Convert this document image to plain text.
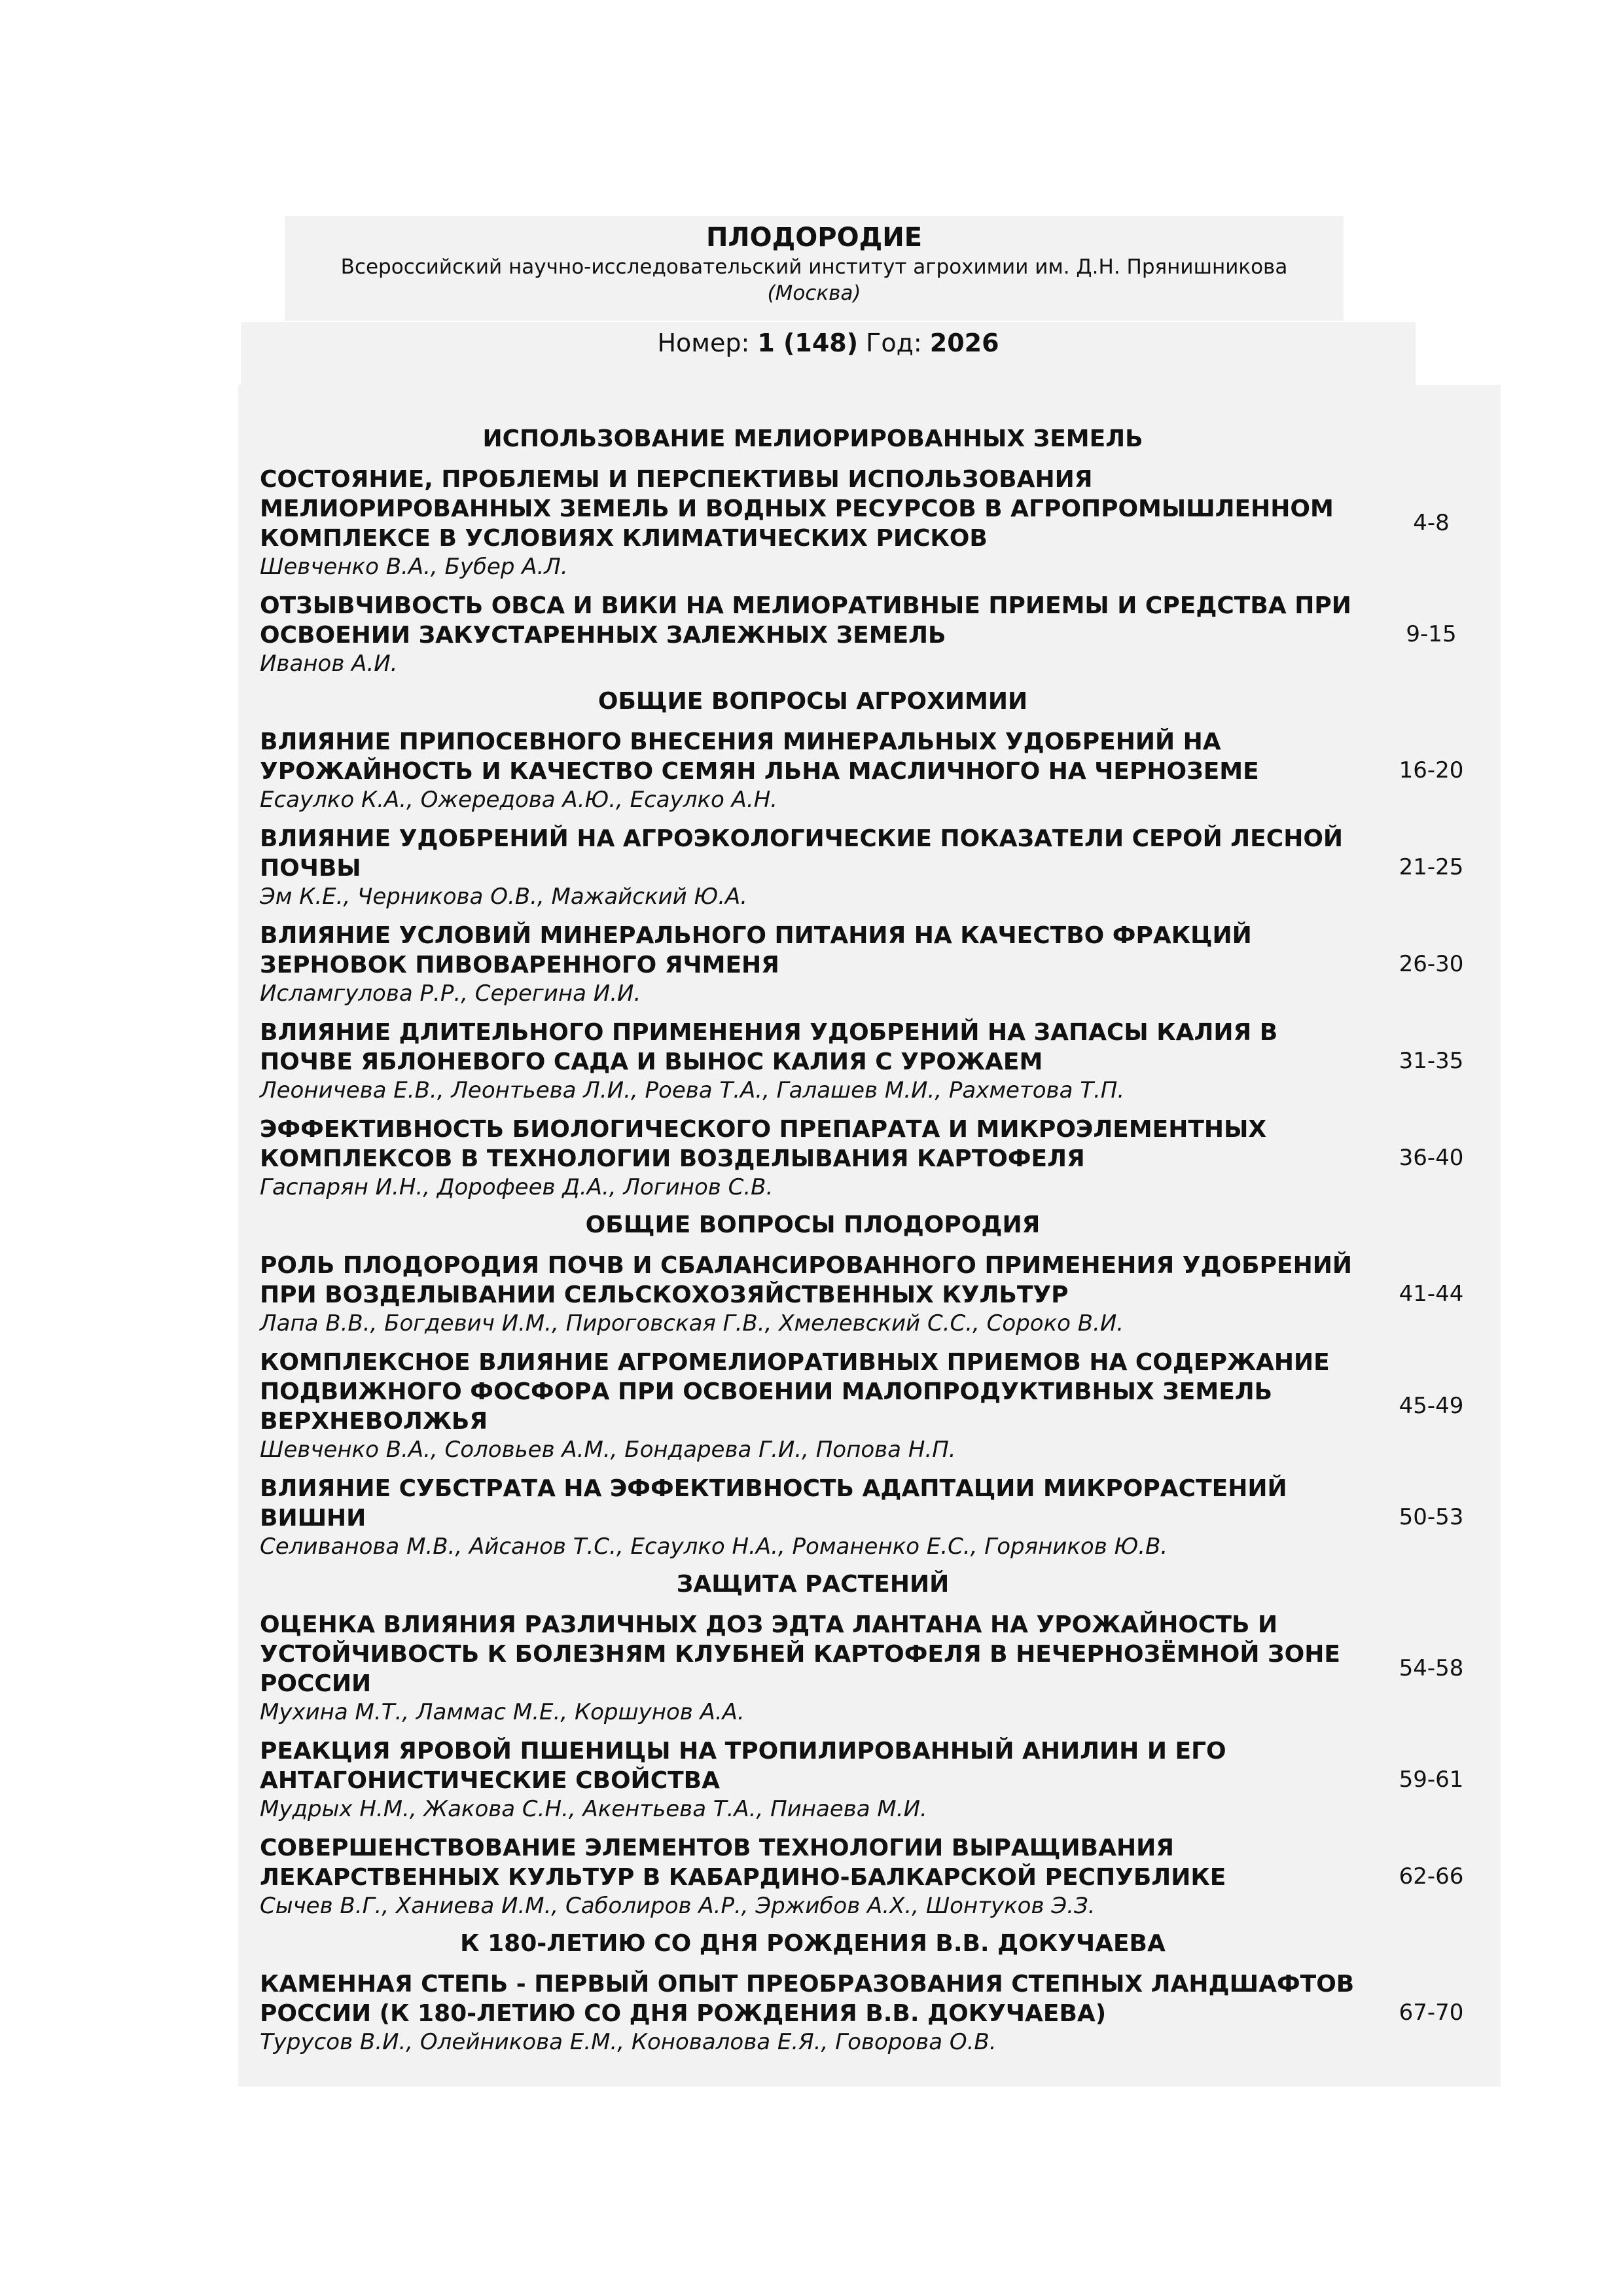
ПЛОДОРОДИЕ
Всероссийский научно-исследовательский институт агрохимии им. Д.Н. Прянишникова
(Москва)
Номер: 1 (148) Год: 2026
ИСПОЛЬЗОВАНИЕ МЕЛИОРИРОВАННЫХ ЗЕМЕЛЬ
СОСТОЯНИЕ, ПРОБЛЕМЫ И ПЕРСПЕКТИВЫ ИСПОЛЬЗОВАНИЯ МЕЛИОРИРОВАННЫХ ЗЕМЕЛЬ И ВОДНЫХ РЕСУРСОВ В АГРОПРОМЫШЛЕННОМ КОМПЛЕКСЕ В УСЛОВИЯХ КЛИМАТИЧЕСКИХ РИСКОВ
Шевченко В.А., Бубер А.Л.
4-8
ОТЗЫВЧИВОСТЬ ОВСА И ВИКИ НА МЕЛИОРАТИВНЫЕ ПРИЕМЫ И СРЕДСТВА ПРИ ОСВОЕНИИ ЗАКУСТАРЕННЫХ ЗАЛЕЖНЫХ ЗЕМЕЛЬ
Иванов А.И.
9-15
ОБЩИЕ ВОПРОСЫ АГРОХИМИИ
ВЛИЯНИЕ ПРИПОСЕВНОГО ВНЕСЕНИЯ МИНЕРАЛЬНЫХ УДОБРЕНИЙ НА УРОЖАЙНОСТЬ И КАЧЕСТВО СЕМЯН ЛЬНА МАСЛИЧНОГО НА ЧЕРНОЗЕМЕ
Есаулко К.А., Ожередова А.Ю., Есаулко А.Н.
16-20
ВЛИЯНИЕ УДОБРЕНИЙ НА АГРОЭКОЛОГИЧЕСКИЕ ПОКАЗАТЕЛИ СЕРОЙ ЛЕСНОЙ ПОЧВЫ
Эм К.Е., Черникова О.В., Мажайский Ю.А.
21-25
ВЛИЯНИЕ УСЛОВИЙ МИНЕРАЛЬНОГО ПИТАНИЯ НА КАЧЕСТВО ФРАКЦИЙ ЗЕРНОВОК ПИВОВАРЕННОГО ЯЧМЕНЯ
Исламгулова Р.Р., Серегина И.И.
26-30
ВЛИЯНИЕ ДЛИТЕЛЬНОГО ПРИМЕНЕНИЯ УДОБРЕНИЙ НА ЗАПАСЫ КАЛИЯ В ПОЧВЕ ЯБЛОНЕВОГО САДА И ВЫНОС КАЛИЯ С УРОЖАЕМ
Леоничева Е.В., Леонтьева Л.И., Роева Т.А., Галашев М.И., Рахметова Т.П.
31-35
ЭФФЕКТИВНОСТЬ БИОЛОГИЧЕСКОГО ПРЕПАРАТА И МИКРОЭЛЕМЕНТНЫХ КОМПЛЕКСОВ В ТЕХНОЛОГИИ ВОЗДЕЛЫВАНИЯ КАРТОФЕЛЯ
Гаспарян И.Н., Дорофеев Д.А., Логинов С.В.
36-40
ОБЩИЕ ВОПРОСЫ ПЛОДОРОДИЯ
РОЛЬ ПЛОДОРОДИЯ ПОЧВ И СБАЛАНСИРОВАННОГО ПРИМЕНЕНИЯ УДОБРЕНИЙ ПРИ ВОЗДЕЛЫВАНИИ СЕЛЬСКОХОЗЯЙСТВЕННЫХ КУЛЬТУР
Лапа В.В., Богдевич И.М., Пироговская Г.В., Хмелевский С.С., Сороко В.И.
41-44
КОМПЛЕКСНОЕ ВЛИЯНИЕ АГРОМЕЛИОРАТИВНЫХ ПРИЕМОВ НА СОДЕРЖАНИЕ ПОДВИЖНОГО ФОСФОРА ПРИ ОСВОЕНИИ МАЛОПРОДУКТИВНЫХ ЗЕМЕЛЬ ВЕРХНЕВОЛЖЬЯ
Шевченко В.А., Соловьев А.М., Бондарева Г.И., Попова Н.П.
45-49
ВЛИЯНИЕ СУБСТРАТА НА ЭФФЕКТИВНОСТЬ АДАПТАЦИИ МИКРОРАСТЕНИЙ ВИШНИ
Селиванова М.В., Айсанов Т.С., Есаулко Н.А., Романенко Е.С., Горяников Ю.В.
50-53
ЗАЩИТА РАСТЕНИЙ
ОЦЕНКА ВЛИЯНИЯ РАЗЛИЧНЫХ ДОЗ ЭДТА ЛАНТАНА НА УРОЖАЙНОСТЬ И УСТОЙЧИВОСТЬ К БОЛЕЗНЯМ КЛУБНЕЙ КАРТОФЕЛЯ В НЕЧЕРНОЗЁМНОЙ ЗОНЕ РОССИИ
Мухина М.Т., Ламмас М.Е., Коршунов А.А.
54-58
РЕАКЦИЯ ЯРОВОЙ ПШЕНИЦЫ НА ТРОПИЛИРОВАННЫЙ АНИЛИН И ЕГО АНТАГОНИСТИЧЕСКИЕ СВОЙСТВА
Мудрых Н.М., Жакова С.Н., Акентьева Т.А., Пинаева М.И.
59-61
СОВЕРШЕНСТВОВАНИЕ ЭЛЕМЕНТОВ ТЕХНОЛОГИИ ВЫРАЩИВАНИЯ ЛЕКАРСТВЕННЫХ КУЛЬТУР В КАБАРДИНО-БАЛКАРСКОЙ РЕСПУБЛИКЕ
Сычев В.Г., Ханиева И.М., Саболиров А.Р., Эржибов А.Х., Шонтуков Э.З.
62-66
К 180-ЛЕТИЮ СО ДНЯ РОЖДЕНИЯ В.В. ДОКУЧАЕВА
КАМЕННАЯ СТЕПЬ - ПЕРВЫЙ ОПЫТ ПРЕОБРАЗОВАНИЯ СТЕПНЫХ ЛАНДШАФТОВ РОССИИ (К 180-ЛЕТИЮ СО ДНЯ РОЖДЕНИЯ В.В. ДОКУЧАЕВА)
Турусов В.И., Олейникова Е.М., Коновалова Е.Я., Говорова О.В.
67-70
